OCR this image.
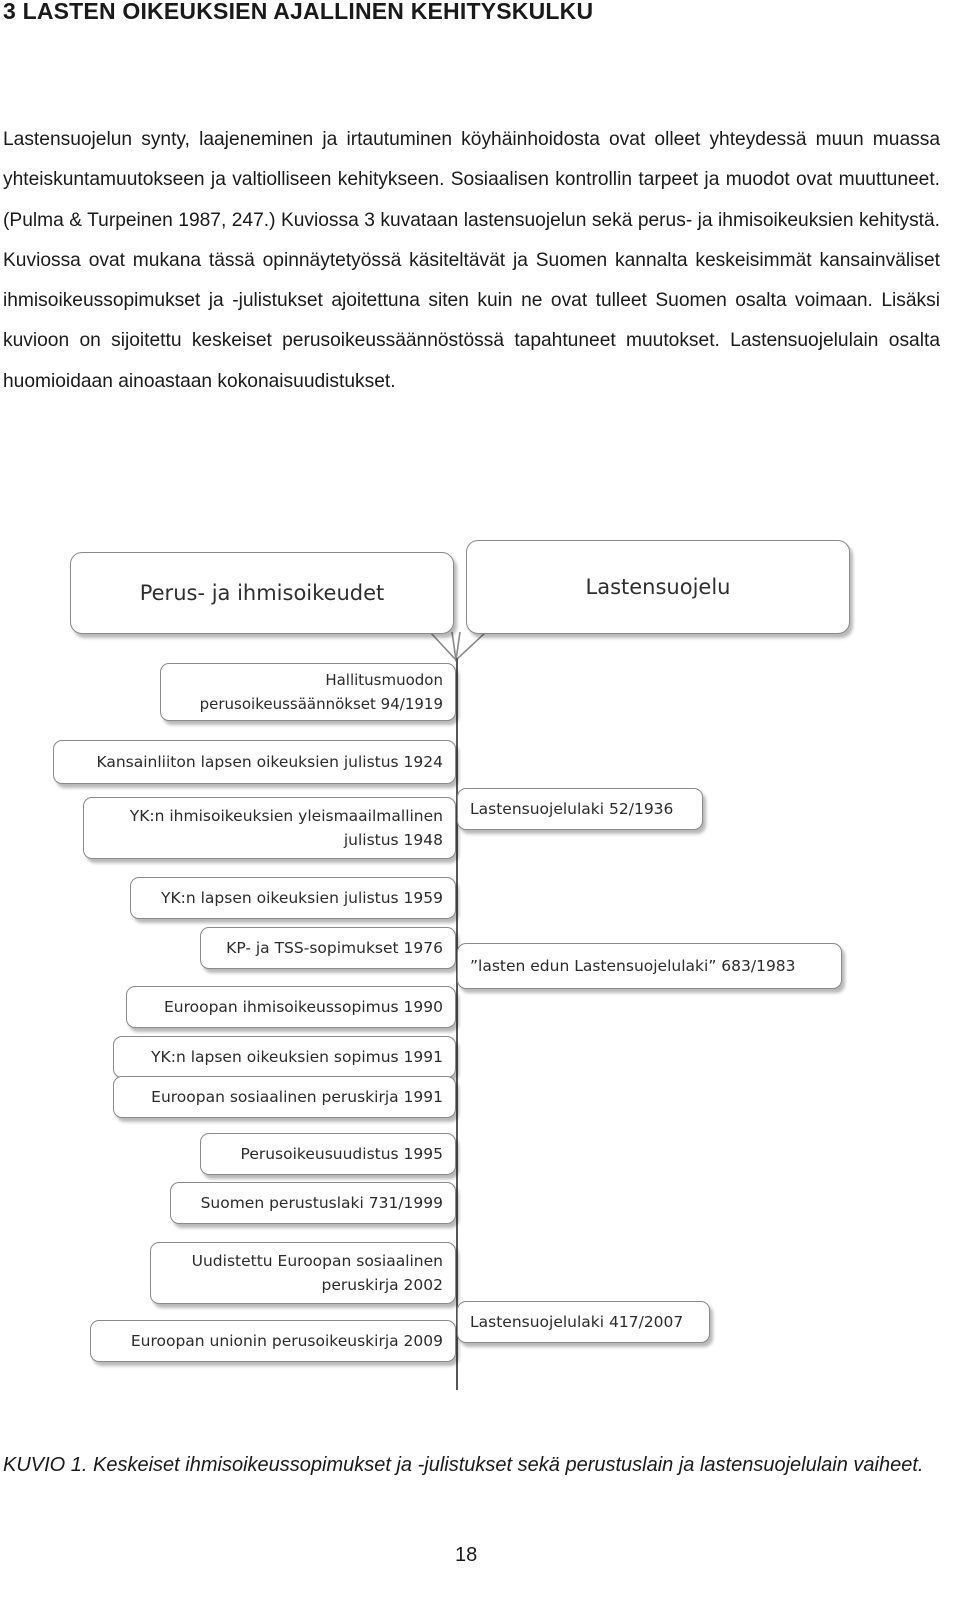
3 LASTEN OIKEUKSIEN AJALLINEN KEHITYSKULKU

Lastensuojelun synty, laajeneminen ja irtautuminen köyhäinhoidosta ovat olleet yhteydessä muun muassa yhteiskuntamuutokseen ja valtiolliseen kehitykseen. Sosiaalisen kontrollin tarpeet ja muodot ovat muuttuneet. (Pulma & Turpeinen 1987, 247.) Kuviossa 3 kuvataan lastensuojelun sekä perus- ja ihmisoikeuksien kehitystä. Kuviossa ovat mukana tässä opinnäytetyössä käsiteltävät ja Suomen kannalta keskeisimmät kansainväliset ihmisoikeussopimukset ja -julistukset ajoitettuna siten kuin ne ovat tulleet Suomen osalta voimaan. Lisäksi kuvioon on sijoitettu keskeiset perusoikeussäännöstössä tapahtuneet muutokset. Lastensuojelulain osalta huomioidaan ainoastaan kokonaisuudistukset.

Perus- ja ihmisoikeudet	Lastensuojelu
Hallitusmuodon perusoikeussäännökset 94/1919
Kansainliiton lapsen oikeuksien julistus 1924
YK:n ihmisoikeuksien yleismaailmallinen julistus 1948
YK:n lapsen oikeuksien julistus 1959
KP- ja TSS-sopimukset 1976
Euroopan ihmisoikeussopimus 1990
YK:n lapsen oikeuksien sopimus 1991
Euroopan sosiaalinen peruskirja 1991
Perusoikeusuudistus 1995
Suomen perustuslaki 731/1999
Uudistettu Euroopan sosiaalinen peruskirja 2002
Euroopan unionin perusoikeuskirja 2009
Lastensuojelulaki 52/1936
”lasten edun Lastensuojelulaki” 683/1983
Lastensuojelulaki 417/2007

KUVIO 1. Keskeiset ihmisoikeussopimukset ja -julistukset sekä perustuslain ja lastensuojelulain vaiheet.

18
